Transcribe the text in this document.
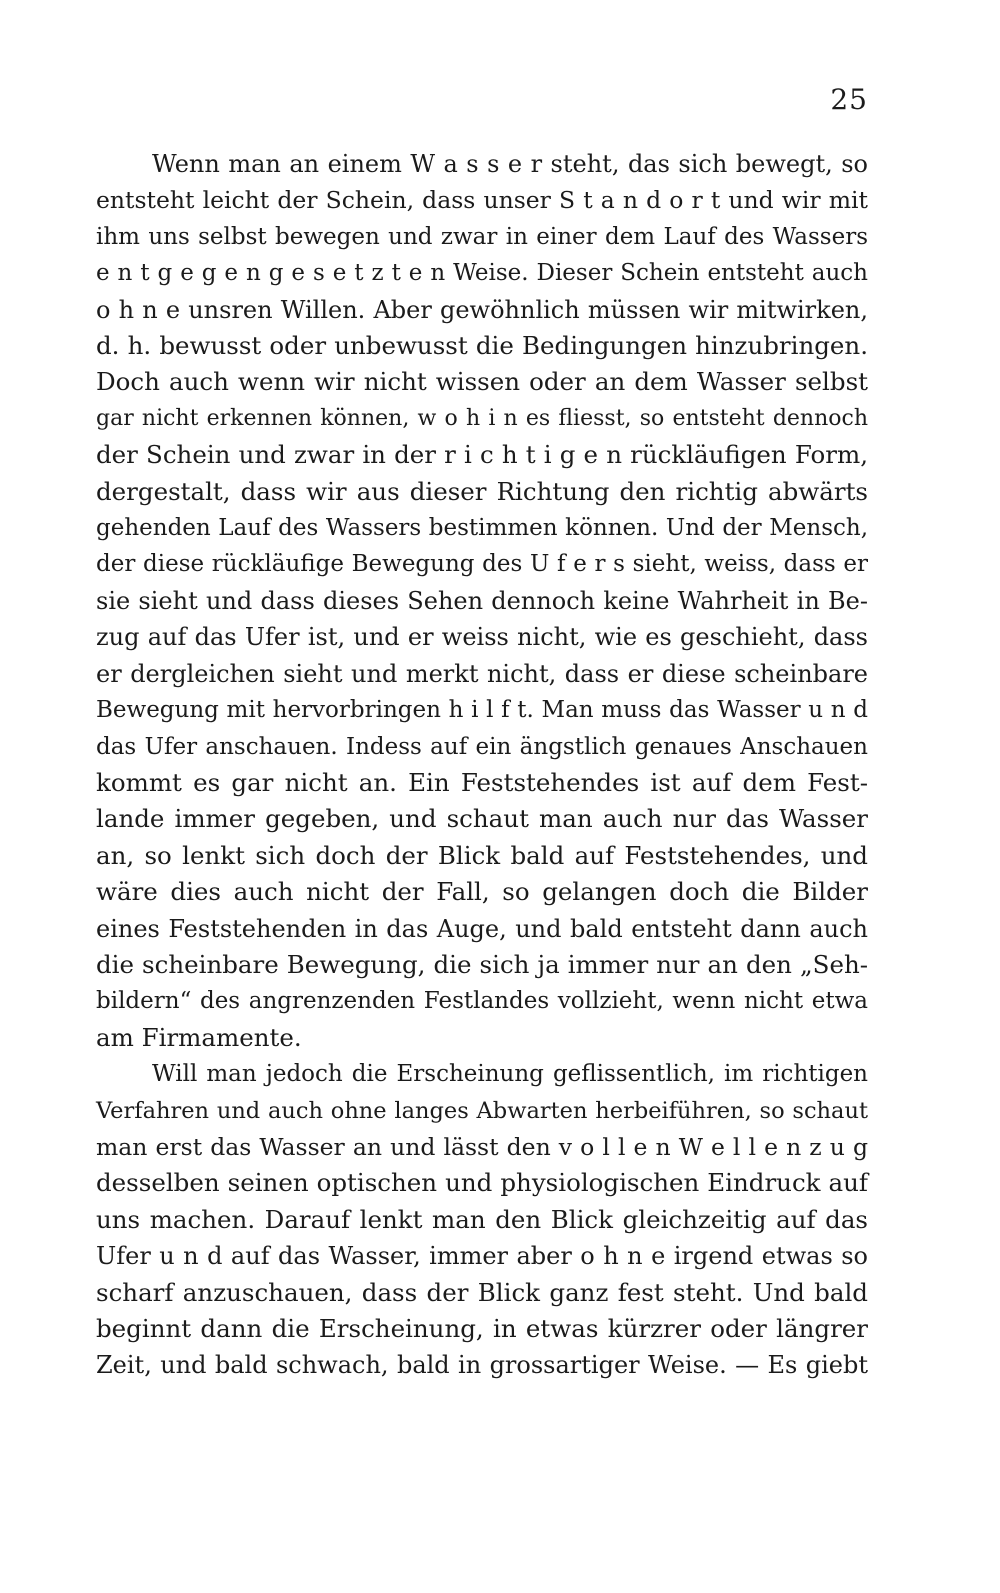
25
Wenn man an einem W a s s e r steht, das sich bewegt, so
entsteht leicht der Schein, dass unser S t a n d o r t und wir mit
ihm uns selbst bewegen und zwar in einer dem Lauf des Wassers
e n t g e g e n g e s e t z t e n Weise. Dieser Schein entsteht auch
o h n e unsren Willen. Aber gewöhnlich müssen wir mitwirken,
d. h. bewusst oder unbewusst die Bedingungen hinzubringen.
Doch auch wenn wir nicht wissen oder an dem Wasser selbst
gar nicht erkennen können, w o h i n es fliesst, so entsteht dennoch
der Schein und zwar in der r i c h t i g e n rückläufigen Form,
dergestalt, dass wir aus dieser Richtung den richtig abwärts
gehenden Lauf des Wassers bestimmen können. Und der Mensch,
der diese rückläufige Bewegung des U f e r s sieht, weiss, dass er
sie sieht und dass dieses Sehen dennoch keine Wahrheit in Be-
zug auf das Ufer ist, und er weiss nicht, wie es geschieht, dass
er dergleichen sieht und merkt nicht, dass er diese scheinbare
Bewegung mit hervorbringen h i l f t. Man muss das Wasser u n d
das Ufer anschauen. Indess auf ein ängstlich genaues Anschauen
kommt es gar nicht an. Ein Feststehendes ist auf dem Fest-
lande immer gegeben, und schaut man auch nur das Wasser
an, so lenkt sich doch der Blick bald auf Feststehendes, und
wäre dies auch nicht der Fall, so gelangen doch die Bilder
eines Feststehenden in das Auge, und bald entsteht dann auch
die scheinbare Bewegung, die sich ja immer nur an den „Seh-
bildern“ des angrenzenden Festlandes vollzieht, wenn nicht etwa
am Firmamente.
Will man jedoch die Erscheinung geflissentlich, im richtigen
Verfahren und auch ohne langes Abwarten herbeiführen, so schaut
man erst das Wasser an und lässt den v o l l e n W e l l e n z u g
desselben seinen optischen und physiologischen Eindruck auf
uns machen. Darauf lenkt man den Blick gleichzeitig auf das
Ufer u n d auf das Wasser, immer aber o h n e irgend etwas so
scharf anzuschauen, dass der Blick ganz fest steht. Und bald
beginnt dann die Erscheinung, in etwas kürzrer oder längrer
Zeit, und bald schwach, bald in grossartiger Weise. — Es giebt
